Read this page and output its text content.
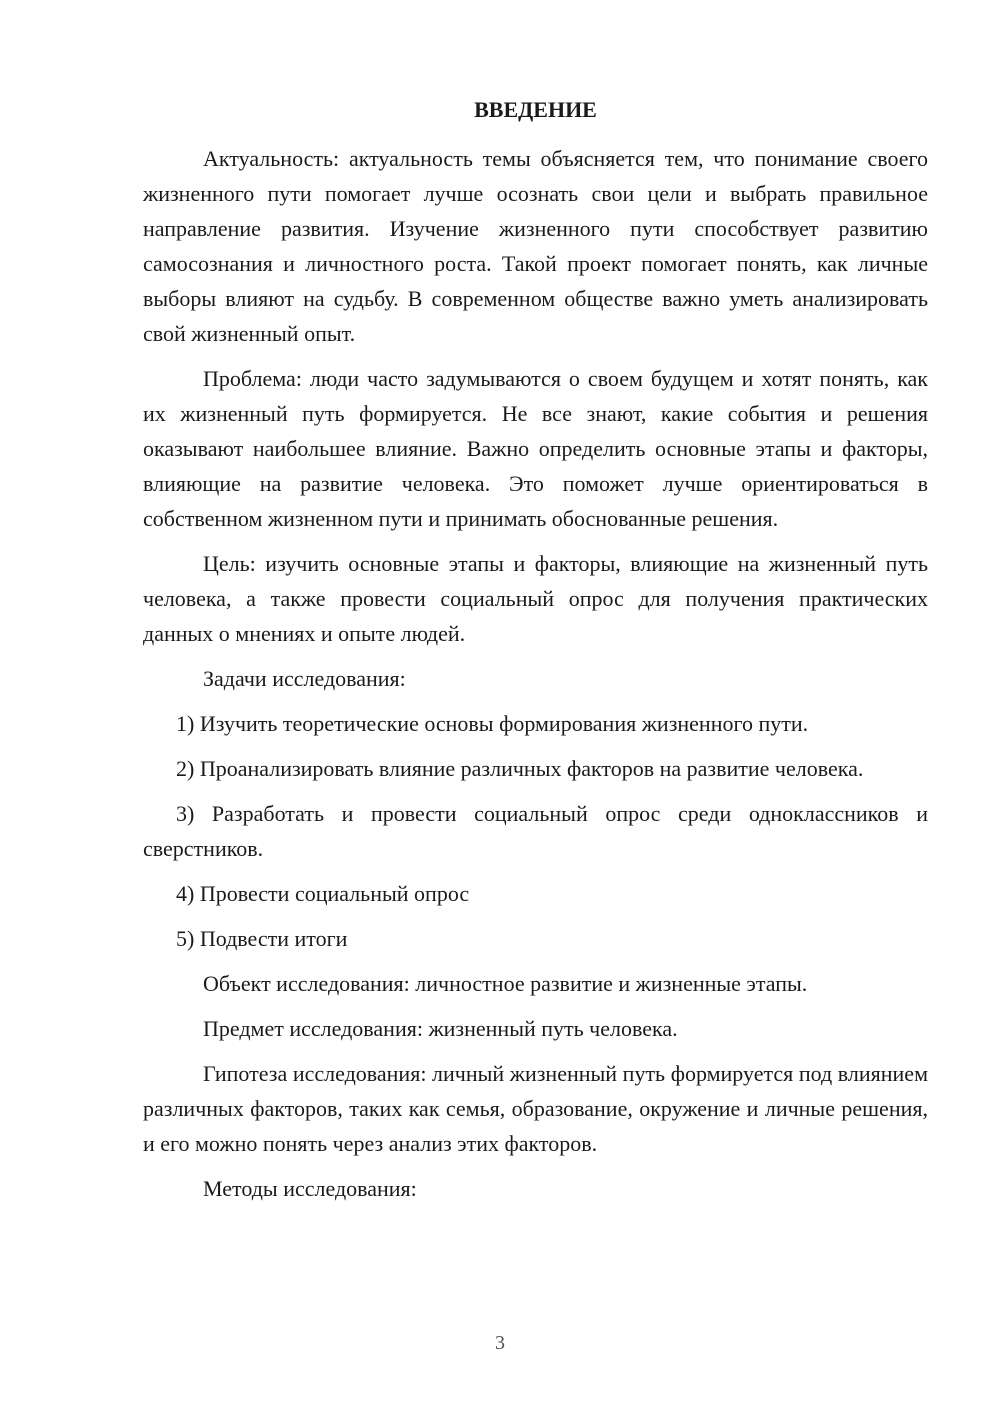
ВВЕДЕНИЕ

Актуальность: актуальность темы объясняется тем, что понимание своего жизненного пути помогает лучше осознать свои цели и выбрать правильное направление развития. Изучение жизненного пути способствует развитию самосознания и личностного роста. Такой проект помогает понять, как личные выборы влияют на судьбу. В современном обществе важно уметь анализировать свой жизненный опыт.

Проблема: люди часто задумываются о своем будущем и хотят понять, как их жизненный путь формируется. Не все знают, какие события и решения оказывают наибольшее влияние. Важно определить основные этапы и факторы, влияющие на развитие человека. Это поможет лучше ориентироваться в собственном жизненном пути и принимать обоснованные решения.

Цель: изучить основные этапы и факторы, влияющие на жизненный путь человека, а также провести социальный опрос для получения практических данных о мнениях и опыте людей.

Задачи исследования:

1) Изучить теоретические основы формирования жизненного пути.

2) Проанализировать влияние различных факторов на развитие человека.

3) Разработать и провести социальный опрос среди одноклассников и сверстников.

4) Провести социальный опрос

5) Подвести итоги

Объект исследования: личностное развитие и жизненные этапы.

Предмет исследования: жизненный путь человека.

Гипотеза исследования: личный жизненный путь формируется под влиянием различных факторов, таких как семья, образование, окружение и личные решения, и его можно понять через анализ этих факторов.

Методы исследования:

3
